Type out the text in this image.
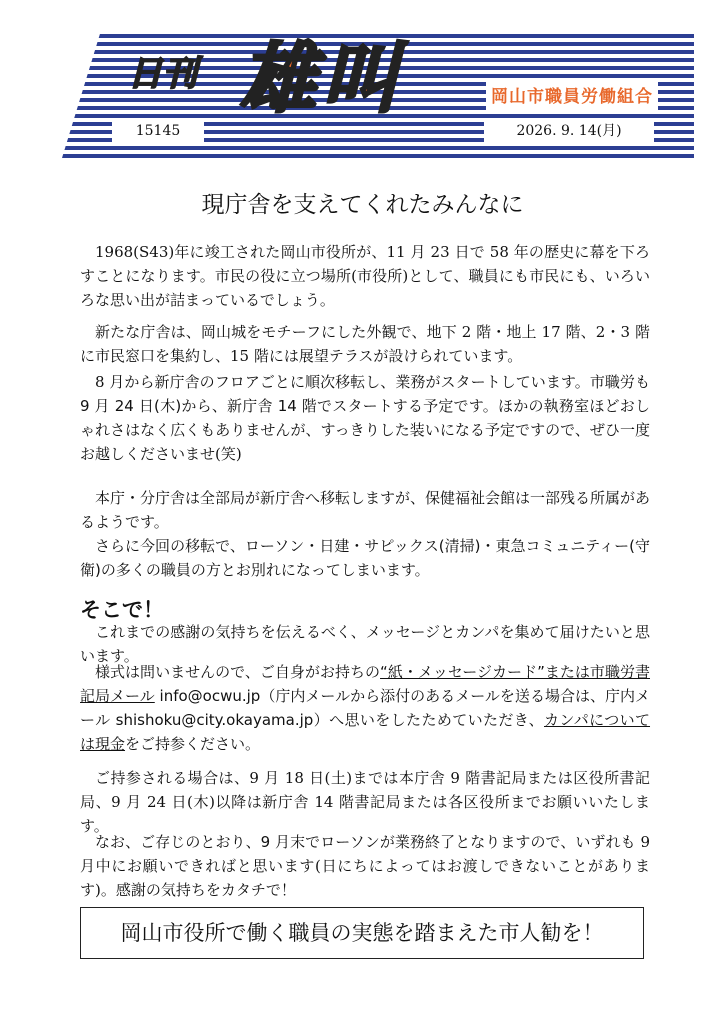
日刊 雄叫	岡山市職員労働組合
15145	2026. 9. 14(月)
現庁舎を支えてくれたみんなに
1968(S43)年に竣工された岡山市役所が、11 月 23 日で 58 年の歴史に幕を下ろすことになります。市民の役に立つ場所(市役所)として、職員にも市民にも、いろいろな思い出が詰まっているでしょう。
新たな庁舎は、岡山城をモチーフにした外観で、地下 2 階・地上 17 階、2・3 階に市民窓口を集約し、15 階には展望テラスが設けられています。
8 月から新庁舎のフロアごとに順次移転し、業務がスタートしています。市職労も 9 月 24 日(木)から、新庁舎 14 階でスタートする予定です。ほかの執務室ほどおしゃれさはなく広くもありませんが、すっきりした装いになる予定ですので、ぜひ一度お越しくださいませ(笑)
本庁・分庁舎は全部局が新庁舎へ移転しますが、保健福祉会館は一部残る所属があるようです。
さらに今回の移転で、ローソン・日建・サピックス(清掃)・東急コミュニティー(守衛)の多くの職員の方とお別れになってしまいます。
そこで！
これまでの感謝の気持ちを伝えるべく、メッセージとカンパを集めて届けたいと思います。
様式は問いませんので、ご自身がお持ちの“紙・メッセージカード”または市職労書記局メール info@ocwu.jp（庁内メールから添付のあるメールを送る場合は、庁内メール shishoku@city.okayama.jp）へ思いをしたためていただき、カンパについては現金をご持参ください。
ご持参される場合は、9 月 18 日(土)までは本庁舎 9 階書記局または区役所書記局、9 月 24 日(木)以降は新庁舎 14 階書記局または各区役所までお願いいたします。
なお、ご存じのとおり、9 月末でローソンが業務終了となりますので、いずれも 9 月中にお願いできればと思います(日にちによってはお渡しできないことがあります)。感謝の気持ちをカタチで！
岡山市役所で働く職員の実態を踏まえた市人勧を！
